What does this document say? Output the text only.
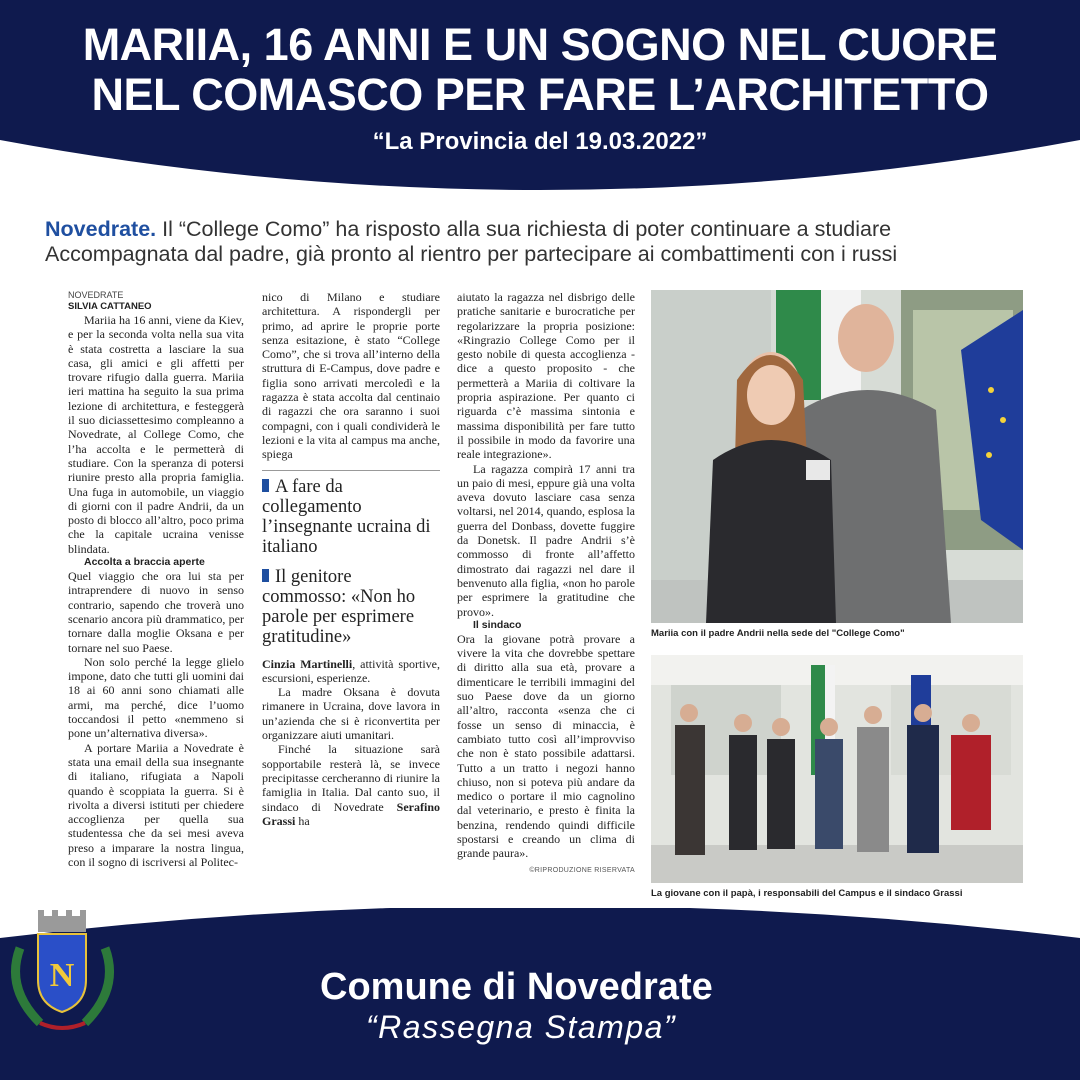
MARIIA, 16 ANNI E UN SOGNO NEL CUORE
NEL COMASCO PER FARE L’ARCHITETTO
“La Provincia del 19.03.2022”
Novedrate. Il “College Como” ha risposto alla sua richiesta di poter continuare a studiare
Accompagnata dal padre, già pronto al rientro per partecipare ai combattimenti con i russi
NOVEDRATE
SILVIA CATTANEO

Mariia ha 16 anni, viene da Kiev, e per la seconda volta nella sua vita è stata costretta a lasciare la sua casa, gli amici e gli affetti per trovare rifugio dalla guerra. Mariia ieri mattina ha seguito la sua prima lezione di architettura, e festeggerà il suo diciassettesimo compleanno a Novedrate, al College Como, che l’ha accolta e le permetterà di studiare. Con la speranza di potersi riunire presto alla propria famiglia. Una fuga in automobile, un viaggio di giorni con il padre Andrii, da un posto di blocco all’altro, poco prima che la capitale ucraina venisse blindata.

Accolta a braccia aperte

Quel viaggio che ora lui sta per intraprendere di nuovo in senso contrario, sapendo che troverà uno scenario ancora più drammatico, per tornare dalla moglie Oksana e per tornare nel suo Paese.

Non solo perché la legge glielo impone, dato che tutti gli uomini dai 18 ai 60 anni sono chiamati alle armi, ma perché, dice l’uomo toccandosi il petto «nemmeno si pone un’alternativa diversa».

A portare Mariia a Novedrate è stata una email della sua insegnante di italiano, rifugiata a Napoli quando è scoppiata la guerra. Si è rivolta a diversi istituti per chiedere accoglienza per quella sua studentessa che da sei mesi aveva preso a imparare la nostra lingua, con il sogno di iscriversi al Politec-

nico di Milano e studiare architettura. A rispondergli per primo, ad aprire le proprie porte senza esitazione, è stato “College Como”, che si trova all’interno della struttura di E-Campus, dove padre e figlia sono arrivati mercoledì e la ragazza è stata accolta dal centinaio di ragazzi che ora saranno i suoi compagni, con i quali condividerà le lezioni e la vita al campus ma anche, spiega

A fare da collegamento l’insegnante ucraina di italiano
Il genitore commosso: «Non ho parole per esprimere gratitudine»

Cinzia Martinelli, attività sportive, escursioni, esperienze.

La madre Oksana è dovuta rimanere in Ucraina, dove lavora in un’azienda che si è riconvertita per organizzare aiuti umanitari.

Finché la situazione sarà sopportabile resterà là, se invece precipitasse cercheranno di riunire la famiglia in Italia. Dal canto suo, il sindaco di Novedrate Serafino Grassi ha

aiutato la ragazza nel disbrigo delle pratiche sanitarie e burocratiche per regolarizzare la propria posizione: «Ringrazio College Como per il gesto nobile di questa accoglienza - dice a questo proposito - che permetterà a Mariia di coltivare la propria aspirazione. Per quanto ci riguarda c’è massima sintonia e massima disponibilità per fare tutto il possibile in modo da favorire una reale integrazione».

La ragazza compirà 17 anni tra un paio di mesi, eppure già una volta aveva dovuto lasciare casa senza voltarsi, nel 2014, quando, esplosa la guerra del Donbass, dovette fuggire da Donetsk. Il padre Andrii s’è commosso di fronte all’affetto dimostrato dai ragazzi nel dare il benvenuto alla figlia, «non ho parole per esprimere la gratitudine che provo».

Il sindaco

Ora la giovane potrà provare a vivere la vita che dovrebbe spettare di diritto alla sua età, provare a dimenticare le terribili immagini del suo Paese dove da un giorno all’altro, racconta «senza che ci fosse un senso di minaccia, è cambiato tutto così all’improvviso che non è stato possibile adattarsi. Tutto a un tratto i negozi hanno chiuso, non si poteva più andare da medico o portare il mio cagnolino dal veterinario, e presto è finita la benzina, rendendo quindi difficile spostarsi e creando un clima di grande paura».

©RIPRODUZIONE RISERVATA
Mariia con il padre Andrii nella sede del "College Como"
La giovane con il papà, i responsabili del Campus e il sindaco Grassi
N	Comune di Novedrate
“Rassegna Stampa”
